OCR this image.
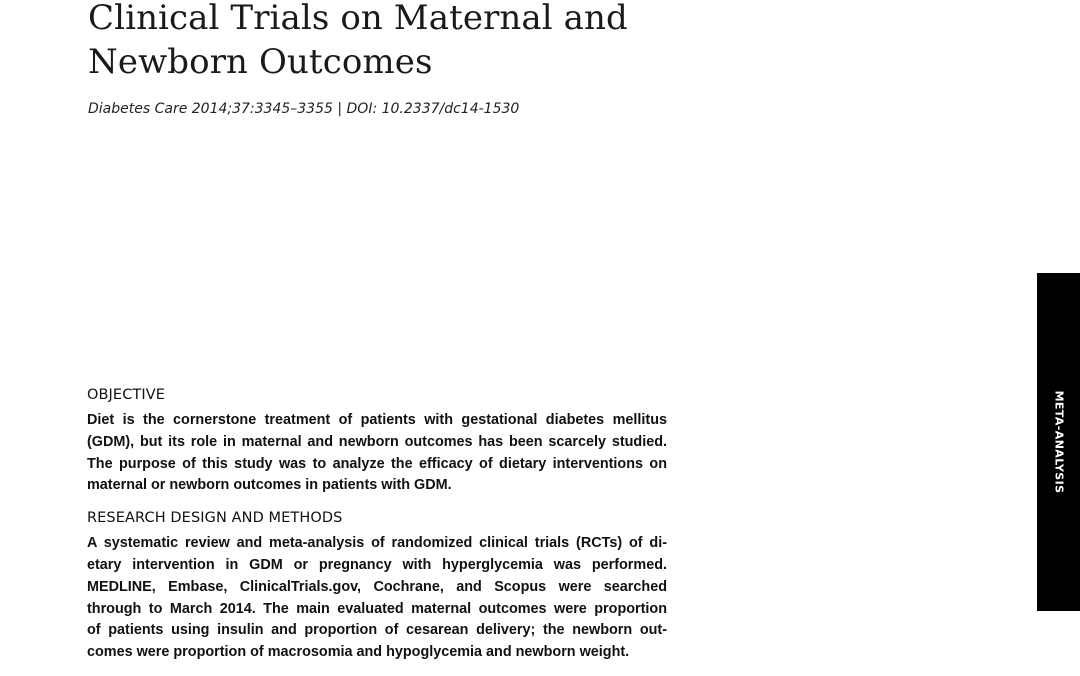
Clinical Trials on Maternal and
Newborn Outcomes

Diabetes Care 2014;37:3345–3355 | DOI: 10.2337/dc14-1530

OBJECTIVE

Diet is the cornerstone treatment of patients with gestational diabetes mellitus
(GDM), but its role in maternal and newborn outcomes has been scarcely studied.
The purpose of this study was to analyze the efficacy of dietary interventions on
maternal or newborn outcomes in patients with GDM.

RESEARCH DESIGN AND METHODS

A systematic review and meta-analysis of randomized clinical trials (RCTs) of di-
etary intervention in GDM or pregnancy with hyperglycemia was performed.
MEDLINE, Embase, ClinicalTrials.gov, Cochrane, and Scopus were searched
through to March 2014. The main evaluated maternal outcomes were proportion
of patients using insulin and proportion of cesarean delivery; the newborn out-
comes were proportion of macrosomia and hypoglycemia and newborn weight.

META-ANALYSIS
